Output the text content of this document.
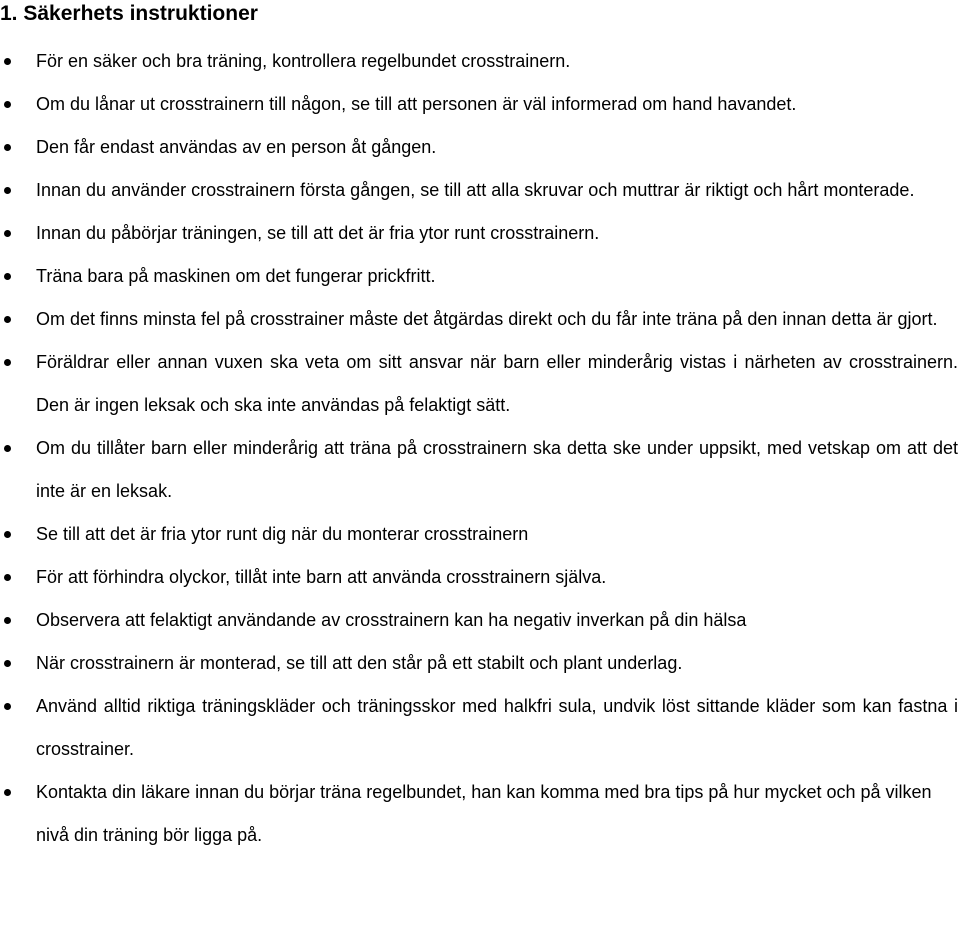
1. Säkerhets instruktioner
För en säker och bra träning, kontrollera regelbundet crosstrainern.
Om du lånar ut crosstrainern till någon, se till att personen är väl informerad om hand havandet.
Den får endast användas av en person åt gången.
Innan du använder crosstrainern första gången, se till att alla skruvar och muttrar är riktigt och hårt monterade.
Innan du påbörjar träningen, se till att det är fria ytor runt crosstrainern.
Träna bara på maskinen om det fungerar prickfritt.
Om det finns minsta fel på crosstrainer måste det åtgärdas direkt och du får inte träna på den innan detta är gjort.
Föräldrar eller annan vuxen ska veta om sitt ansvar när barn eller minderårig vistas i närheten av crosstrainern. Den är ingen leksak och ska inte användas på felaktigt sätt.
Om du tillåter barn eller minderårig att träna på crosstrainern ska detta ske under uppsikt, med vetskap om att det inte är en leksak.
Se till att det är fria ytor runt dig när du monterar crosstrainern
För att förhindra olyckor, tillåt inte barn att använda crosstrainern själva.
Observera att felaktigt användande av crosstrainern kan ha negativ inverkan på din hälsa
När crosstrainern är monterad, se till att den står på ett stabilt och plant underlag.
Använd alltid riktiga träningskläder och träningsskor med halkfri sula, undvik löst sittande kläder som kan fastna i crosstrainer.
Kontakta din läkare innan du börjar träna regelbundet, han kan komma med bra tips på hur mycket och på vilken nivå din träning bör ligga på.
